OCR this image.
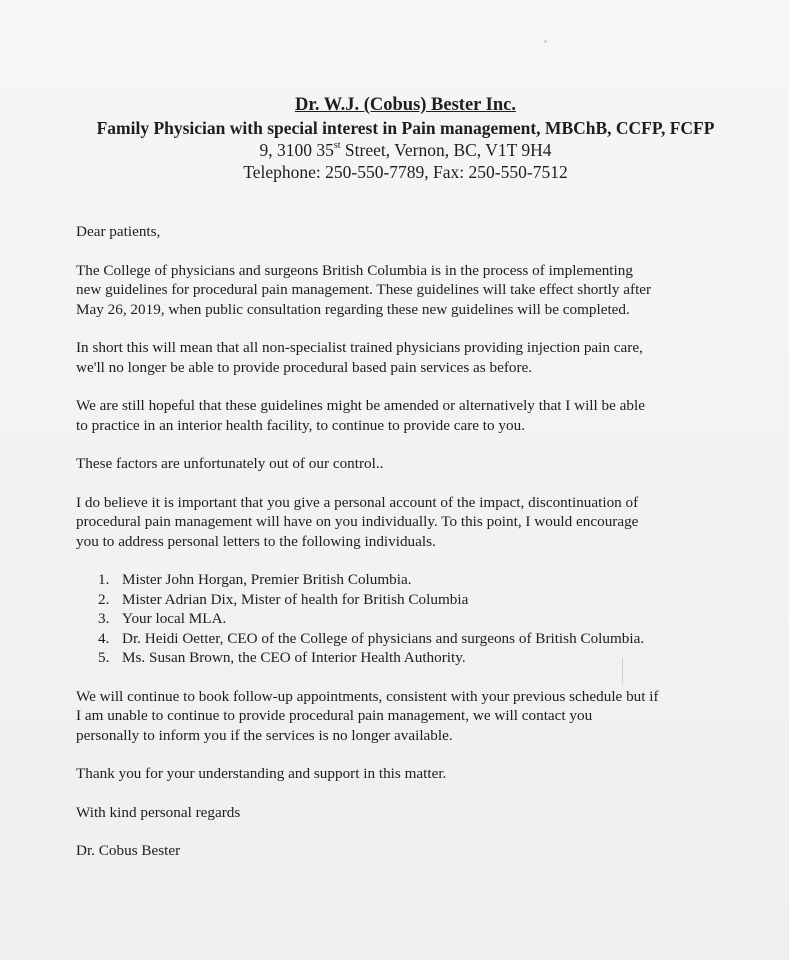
Dr. W.J. (Cobus) Bester Inc.
Family Physician with special interest in Pain management, MBChB, CCFP, FCFP
9, 3100 35st Street, Vernon, BC, V1T 9H4
Telephone: 250-550-7789, Fax: 250-550-7512
Dear patients,
The College of physicians and surgeons British Columbia is in the process of implementing
new guidelines for procedural pain management. These guidelines will take effect shortly after
May 26, 2019, when public consultation regarding these new guidelines will be completed.
In short this will mean that all non-specialist trained physicians providing injection pain care,
we'll no longer be able to provide procedural based pain services as before.
We are still hopeful that these guidelines might be amended or alternatively that I will be able
to practice in an interior health facility, to continue to provide care to you.
These factors are unfortunately out of our control..
I do believe it is important that you give a personal account of the impact, discontinuation of
procedural pain management will have on you individually. To this point, I would encourage
you to address personal letters to the following individuals.
1. Mister John Horgan, Premier British Columbia.
2. Mister Adrian Dix, Mister of health for British Columbia
3. Your local MLA.
4. Dr. Heidi Oetter, CEO of the College of physicians and surgeons of British Columbia.
5. Ms. Susan Brown, the CEO of Interior Health Authority.
We will continue to book follow-up appointments, consistent with your previous schedule but if
I am unable to continue to provide procedural pain management, we will contact you
personally to inform you if the services is no longer available.
Thank you for your understanding and support in this matter.
With kind personal regards
Dr. Cobus Bester
